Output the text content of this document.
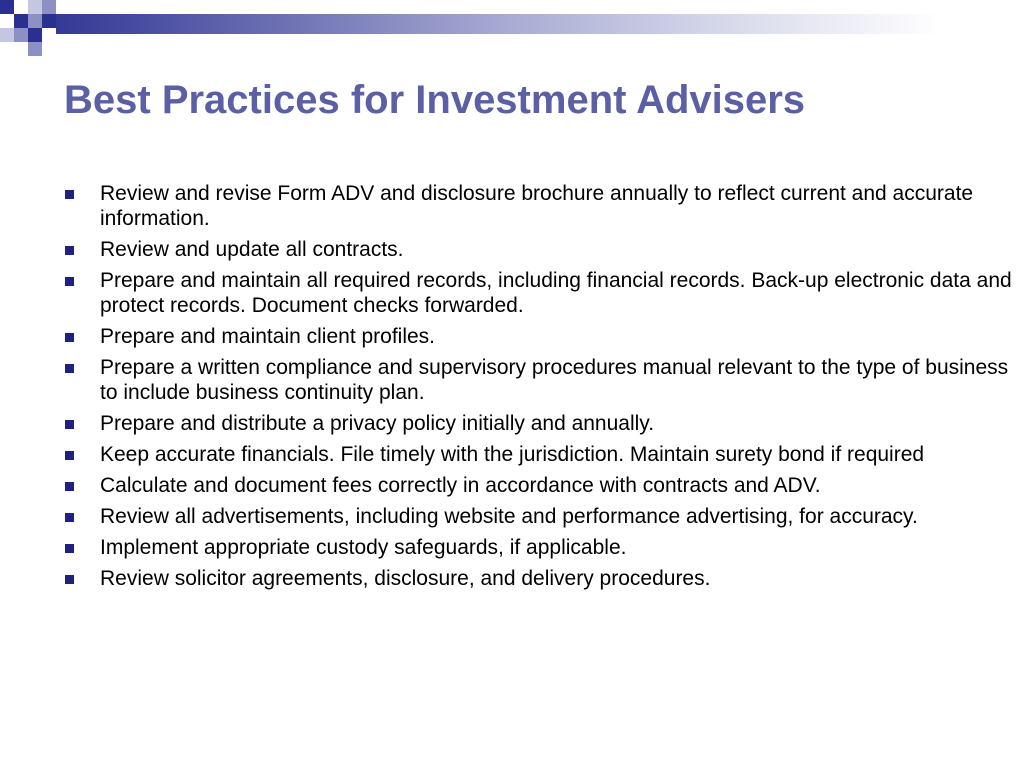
Best Practices for Investment Advisers
Review and revise Form ADV and disclosure brochure annually to reflect current and accurate information.
Review and update all contracts.
Prepare and maintain all required records, including financial records. Back-up electronic data and protect records. Document checks forwarded.
Prepare and maintain client profiles.
Prepare a written compliance and supervisory procedures manual relevant to the type of business to include business continuity plan.
Prepare and distribute a privacy policy initially and annually.
Keep accurate financials. File timely with the jurisdiction. Maintain surety bond if required
Calculate and document fees correctly in accordance with contracts and ADV.
Review all advertisements, including website and performance advertising, for accuracy.
Implement appropriate custody safeguards, if applicable.
Review solicitor agreements, disclosure, and delivery procedures.
